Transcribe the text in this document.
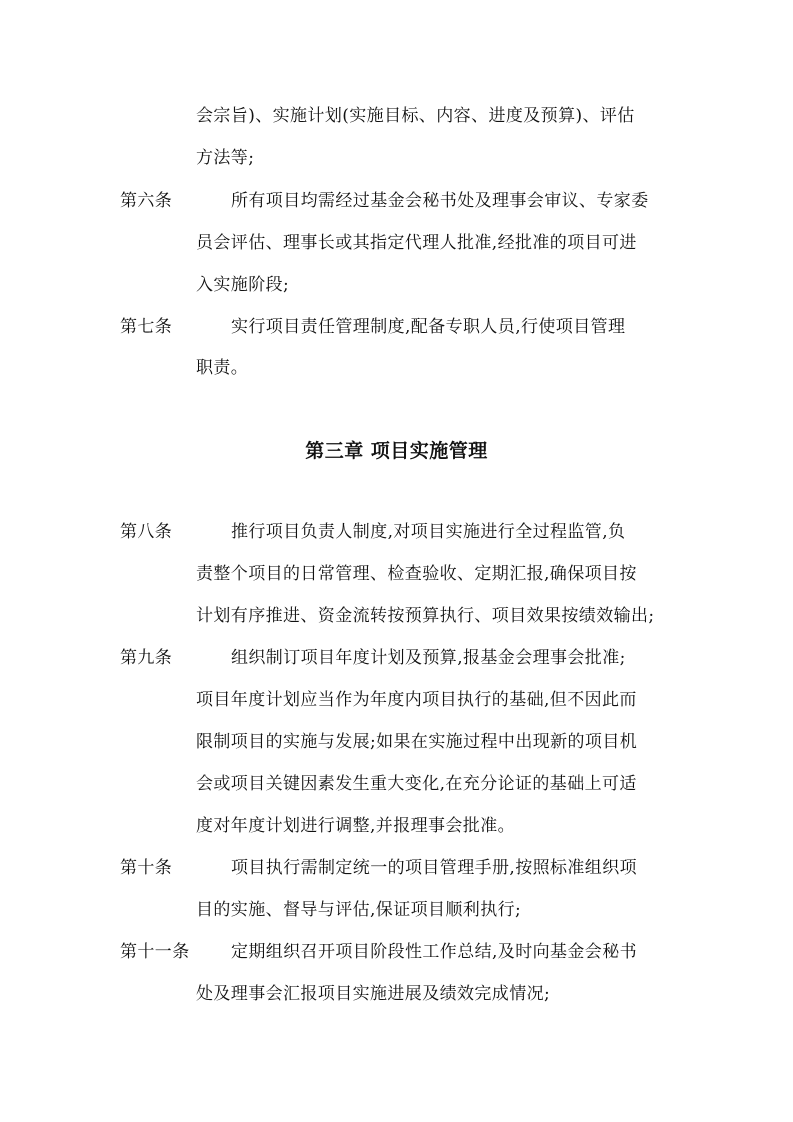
会宗旨)、实施计划(实施目标、内容、进度及预算)、评估
方法等;
第六条	所有项目均需经过基金会秘书处及理事会审议、专家委
员会评估、理事长或其指定代理人批准,经批准的项目可进
入实施阶段;
第七条	实行项目责任管理制度,配备专职人员,行使项目管理
职责。
第三章 项目实施管理
第八条	推行项目负责人制度,对项目实施进行全过程监管,负
责整个项目的日常管理、检查验收、定期汇报,确保项目按
计划有序推进、资金流转按预算执行、项目效果按绩效输出;
第九条	组织制订项目年度计划及预算,报基金会理事会批准;
项目年度计划应当作为年度内项目执行的基础,但不因此而
限制项目的实施与发展;如果在实施过程中出现新的项目机
会或项目关键因素发生重大变化,在充分论证的基础上可适
度对年度计划进行调整,并报理事会批准。
第十条	项目执行需制定统一的项目管理手册,按照标准组织项
目的实施、督导与评估,保证项目顺利执行;
第十一条 定期组织召开项目阶段性工作总结,及时向基金会秘书
处及理事会汇报项目实施进展及绩效完成情况;
